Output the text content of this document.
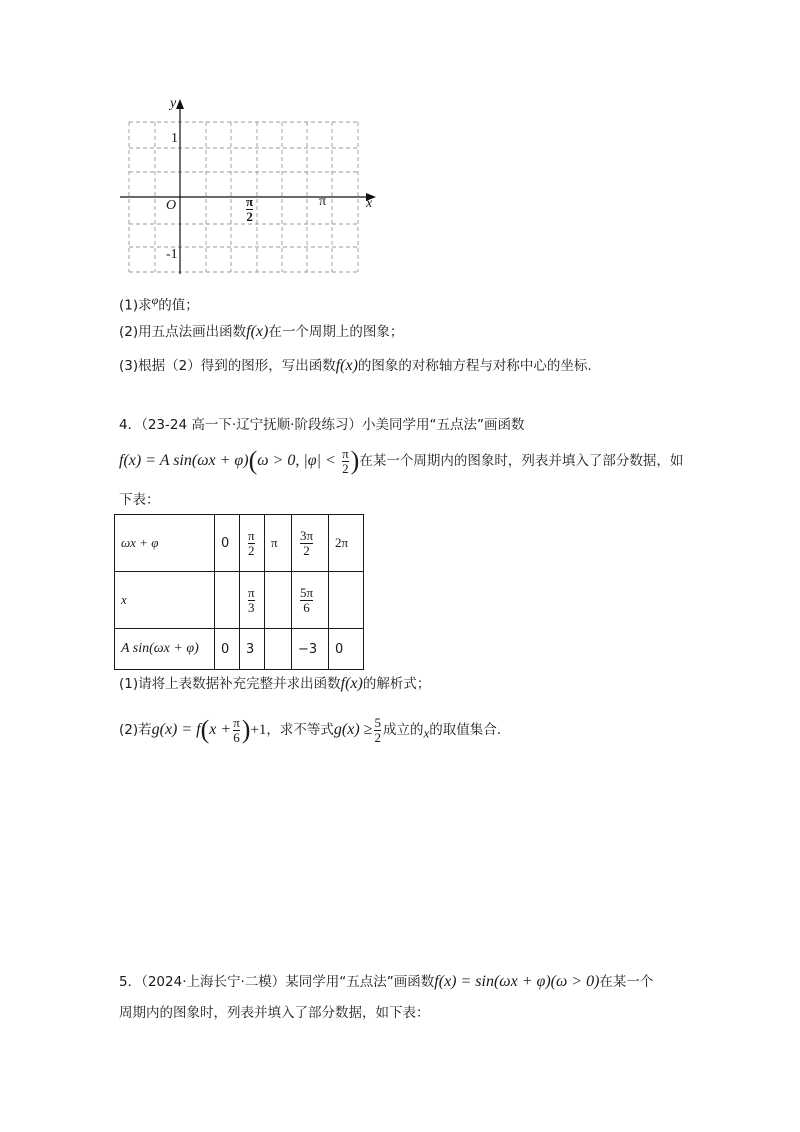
y
x
O
1
-1
$\frac{\pi}{2}$	π
(1)求φ的值；
(2)用五点法画出函数f(x)在一个周期上的图象；
(3)根据（2）得到的图形，写出函数f(x)的图象的对称轴方程与对称中心的坐标.
4．（23-24 高一下·辽宁抚顺·阶段练习）小美同学用“五点法”画函数
f(x) = A sin(ωx + φ)(ω > 0, $|\varphi| < \frac{\pi}{2}$ )在某一个周期内的图象时，列表并填入了部分数据，如
下表：
ωx + φ	0	$\frac{\pi}{2}$	π	$\frac{3\pi}{2}$	2π
x		$\frac{\pi}{3}$		$\frac{5\pi}{6}$

A sin(ωx + φ)	0	3		−3	0
(1)请将上表数据补充完整并求出函数f(x)的解析式；
(2)若$g(x) = f(x + \frac{\pi}{6} )+1$，求不等式$g(x) \ge \frac{5}{2}$ 成立的x的取值集合.
5．（2024·上海长宁·二模）某同学用“五点法”画函数f(x) = sin(ωx + φ)(ω > 0)在某一个
周期内的图象时，列表并填入了部分数据，如下表：
